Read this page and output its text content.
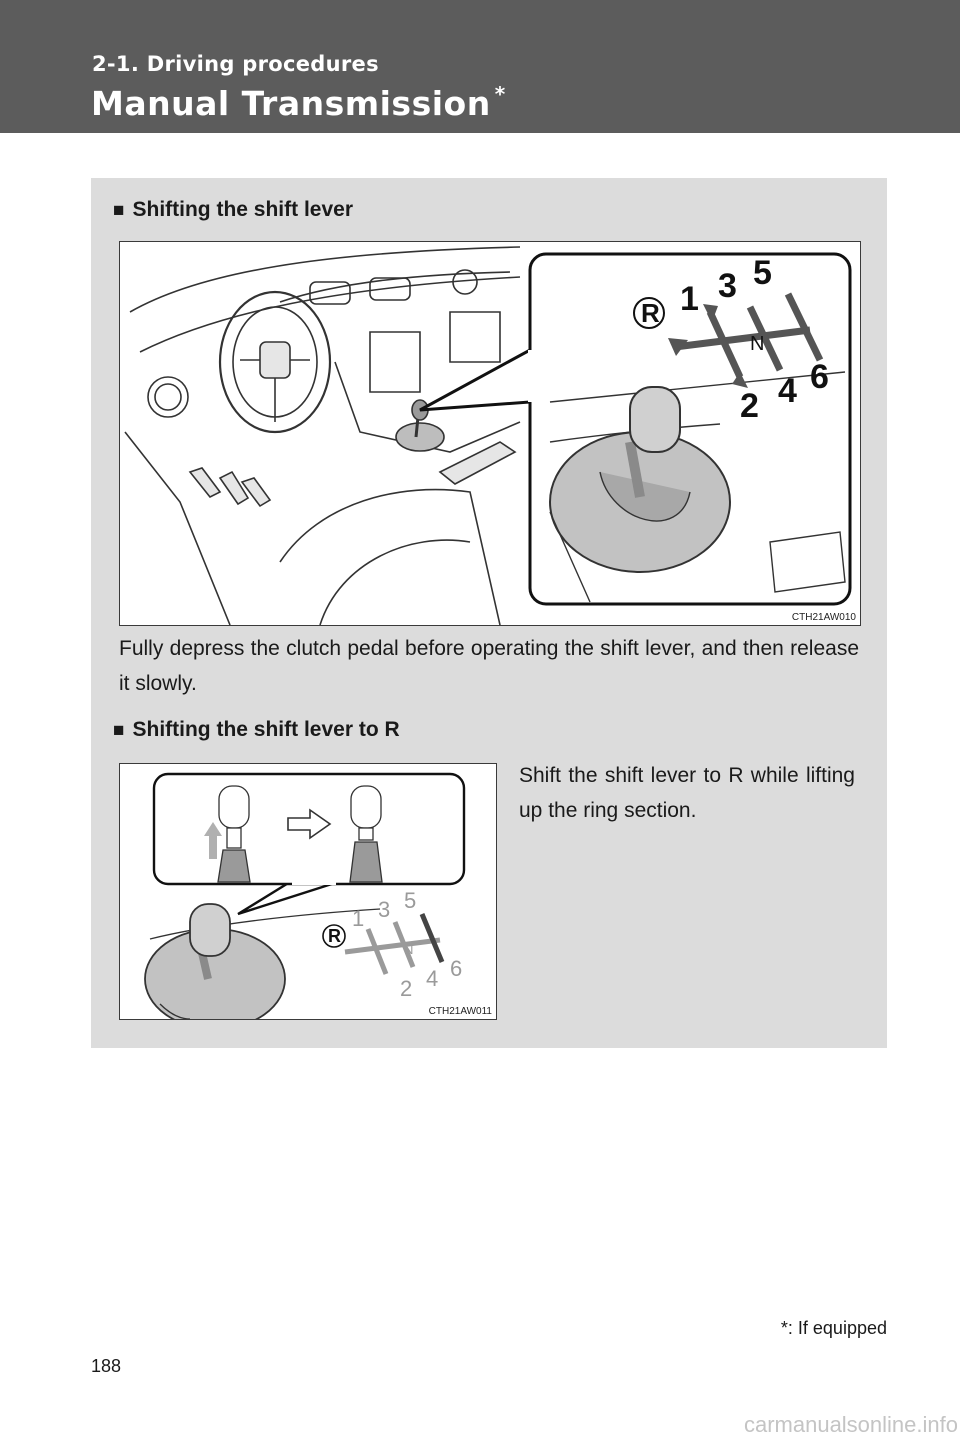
2-1. Driving procedures
Manual Transmission *
■ Shifting the shift lever
R 1 3 5
N
2 4 6
CTH21AW010
Fully depress the clutch pedal before operating the shift lever, and then release it slowly.
■ Shifting the shift lever to R
R
1 3 5
N
2 4 6
CTH21AW011
Shift the shift lever to R while lifting up the ring section.
*: If equipped
188
carmanualsonline.info
